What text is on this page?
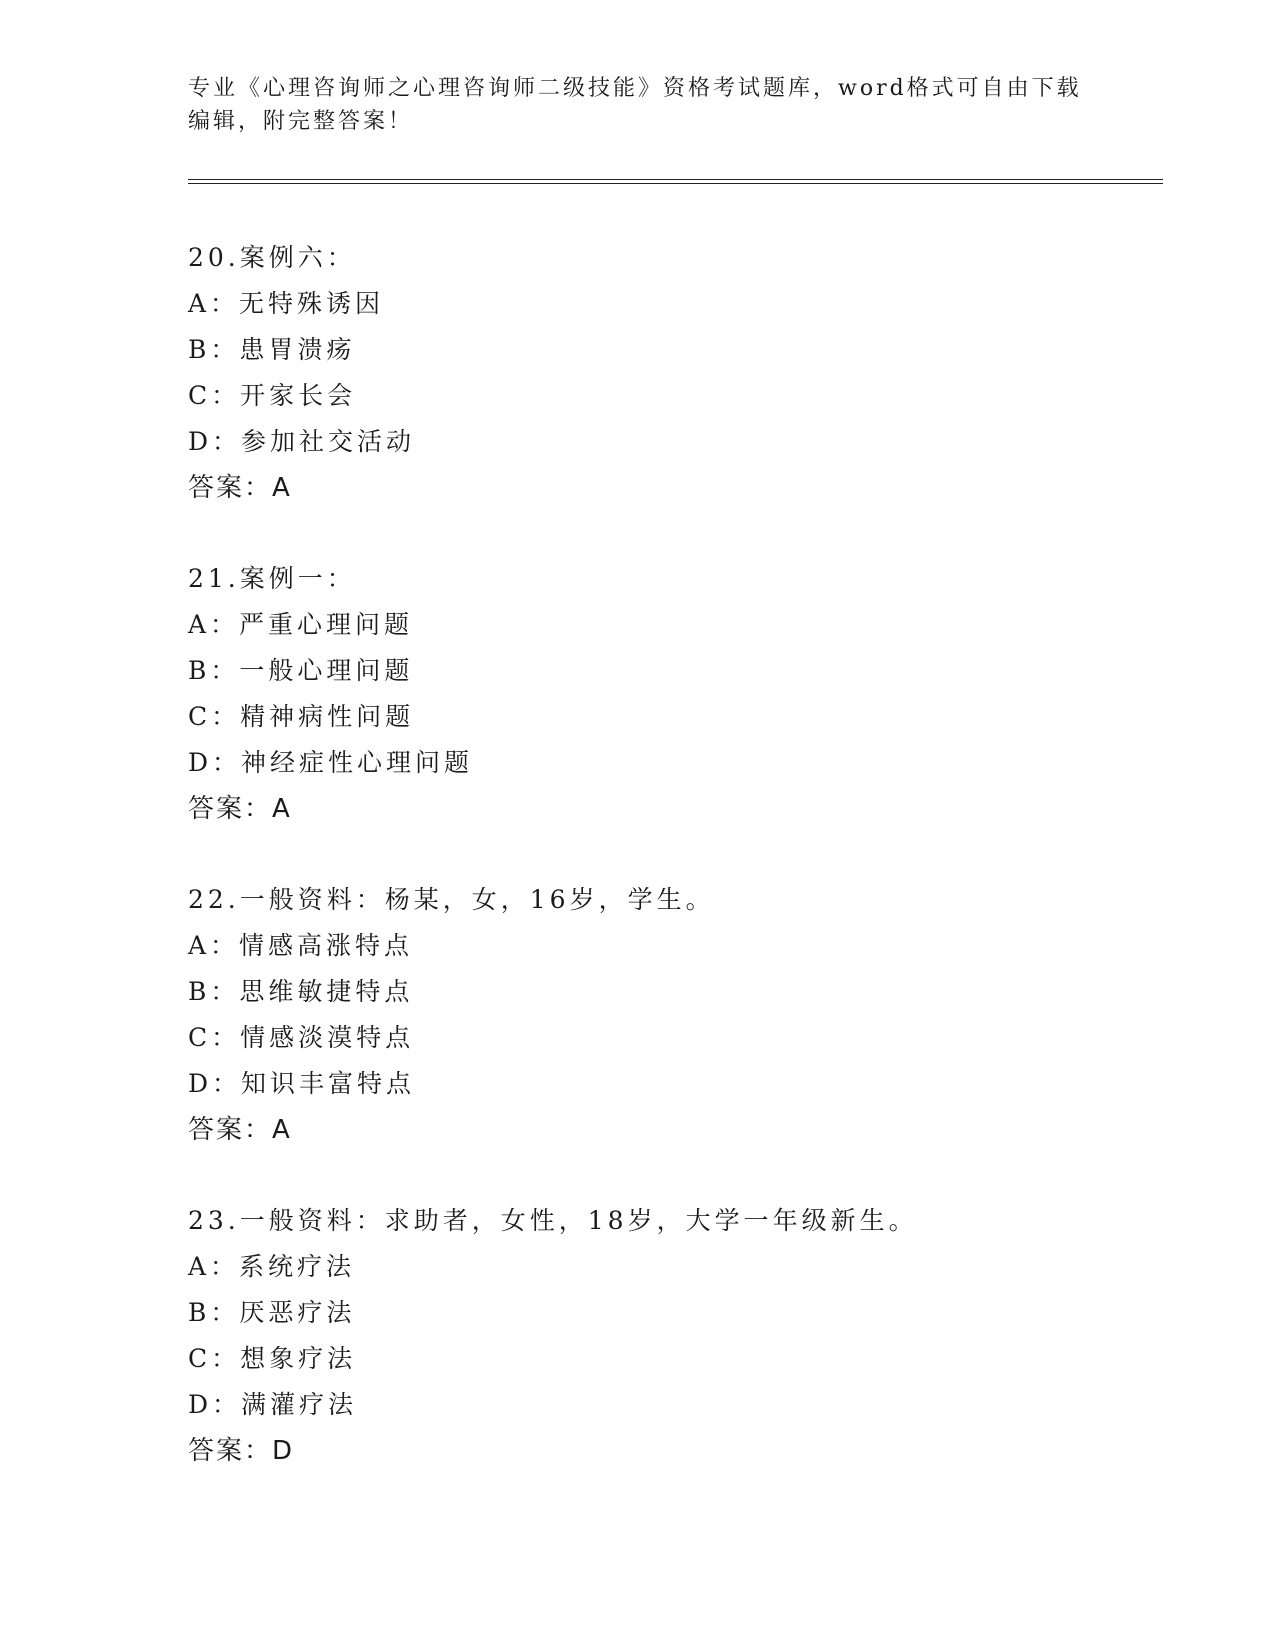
专业《心理咨询师之心理咨询师二级技能》资格考试题库，word格式可自由下载
编辑，附完整答案！
20.案例六：
A：无特殊诱因
B：患胃溃疡
C：开家长会
D：参加社交活动
答案：A
21.案例一：
A：严重心理问题
B：一般心理问题
C：精神病性问题
D：神经症性心理问题
答案：A
22.一般资料：杨某，女，16岁，学生。
A：情感高涨特点
B：思维敏捷特点
C：情感淡漠特点
D：知识丰富特点
答案：A
23.一般资料：求助者，女性，18岁，大学一年级新生。
A：系统疗法
B：厌恶疗法
C：想象疗法
D：满灌疗法
答案：D
